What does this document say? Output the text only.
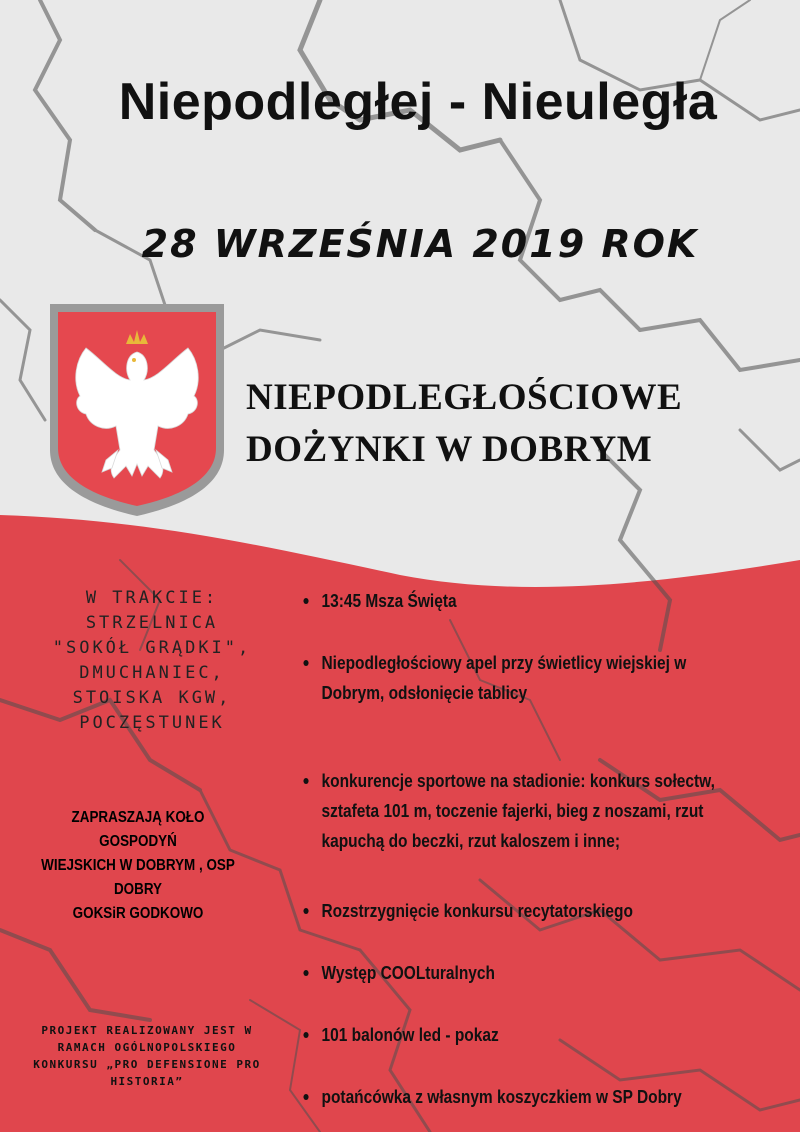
Niepodległej - Nieuległa
28 WRZEŚNIA 2019 ROK
NIEPODLEGŁOŚCIOWE
DOŻYNKI W DOBRYM
W TRAKCIE:
STRZELNICA
"SOKÓŁ GRĄDKI",
DMUCHANIEC,
STOISKA KGW,
POCZĘSTUNEK
ZAPRASZAJĄ KOŁO GOSPODYŃ
WIEJSKICH W DOBRYM , OSP
DOBRY
GOKSiR GODKOWO
PROJEKT REALIZOWANY JEST W
RAMACH OGÓLNOPOLSKIEGO
KONKURSU „PRO DEFENSIONE PRO
HISTORIA”
13:45 Msza Święta
Niepodległościowy apel przy świetlicy wiejskiej w
Dobrym, odsłonięcie tablicy
konkurencje sportowe na stadionie: konkurs sołectw,
sztafeta 101 m, toczenie fajerki, bieg z noszami, rzut
kapuchą do beczki, rzut kaloszem i inne;
Rozstrzygnięcie konkursu recytatorskiego
Występ COOLturalnych
101 balonów led - pokaz
potańcówka z własnym koszyczkiem w SP Dobry
